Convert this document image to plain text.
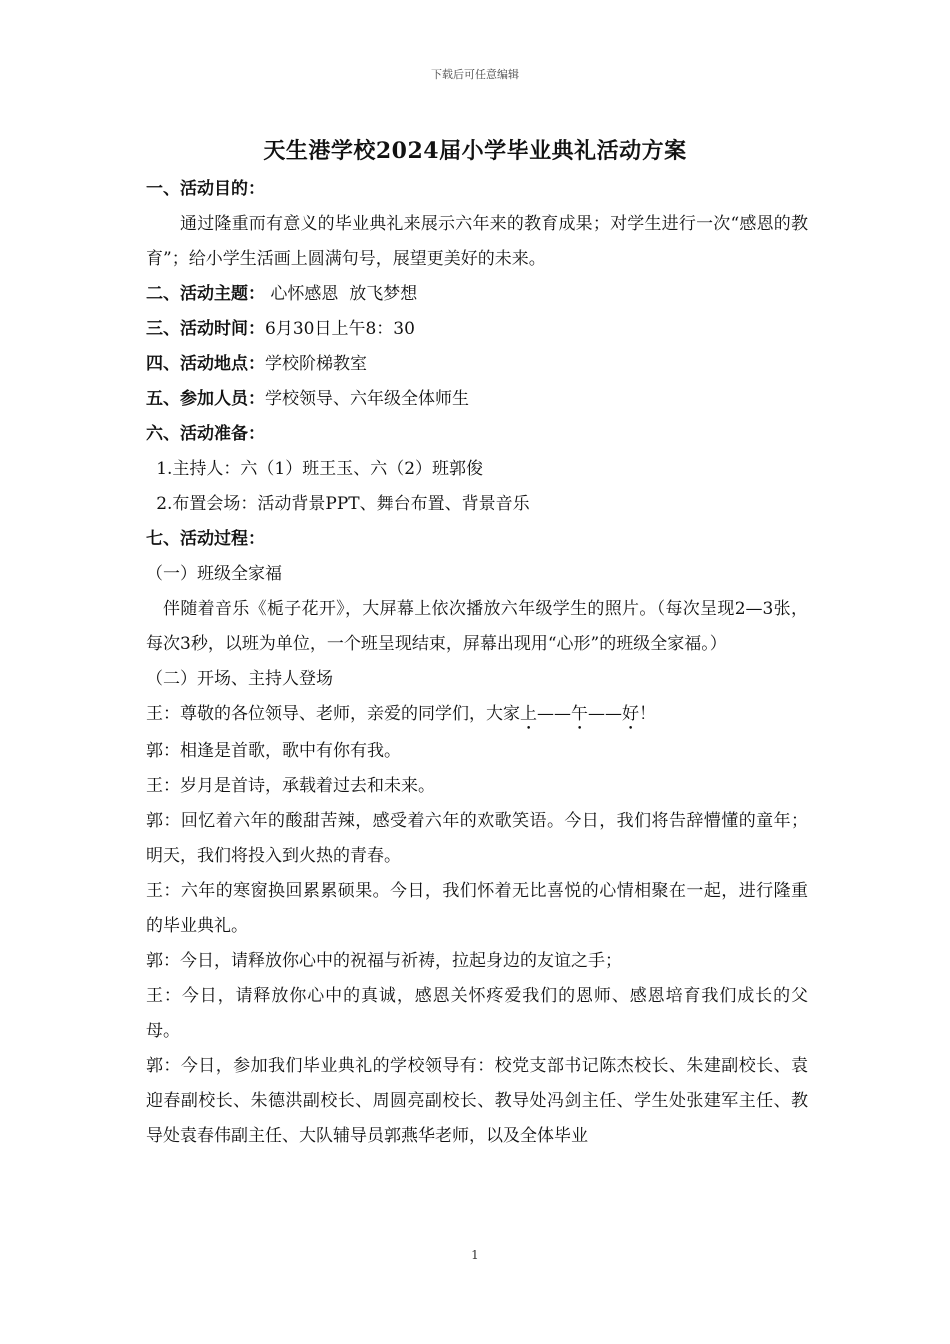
下载后可任意编辑
天生港学校2024届小学毕业典礼活动方案

一、活动目的：

通过隆重而有意义的毕业典礼来展示六年来的教育成果；对学生进行一次“感恩的教育”；给小学生活画上圆满句号，展望更美好的未来。

二、活动主题： 心怀感恩  放飞梦想

三、活动时间：6月30日上午8：30

四、活动地点：学校阶梯教室

五、参加人员：学校领导、六年级全体师生

六、活动准备：

1.主持人：六（1）班王玉、六（2）班郭俊

2.布置会场：活动背景PPT、舞台布置、背景音乐

七、活动过程：

（一）班级全家福

伴随着音乐《栀子花开》，大屏幕上依次播放六年级学生的照片。（每次呈现2—3张，每次3秒，以班为单位，一个班呈现结束，屏幕出现用“心形”的班级全家福。）

（二）开场、主持人登场

王：尊敬的各位领导、老师，亲爱的同学们，大家上——午——好！

郭：相逢是首歌，歌中有你有我。

王：岁月是首诗，承载着过去和未来。

郭：回忆着六年的酸甜苦辣，感受着六年的欢歌笑语。今日，我们将告辞懵懂的童年；明天，我们将投入到火热的青春。

王：六年的寒窗换回累累硕果。今日，我们怀着无比喜悦的心情相聚在一起，进行隆重的毕业典礼。

郭：今日，请释放你心中的祝福与祈祷，拉起身边的友谊之手；

王：今日，请释放你心中的真诚，感恩关怀疼爱我们的恩师、感恩培育我们成长的父母。

郭：今日，参加我们毕业典礼的学校领导有：校党支部书记陈杰校长、朱建副校长、袁迎春副校长、朱德洪副校长、周圆亮副校长、教导处冯剑主任、学生处张建军主任、教导处袁春伟副主任、大队辅导员郭燕华老师，以及全体毕业

1
